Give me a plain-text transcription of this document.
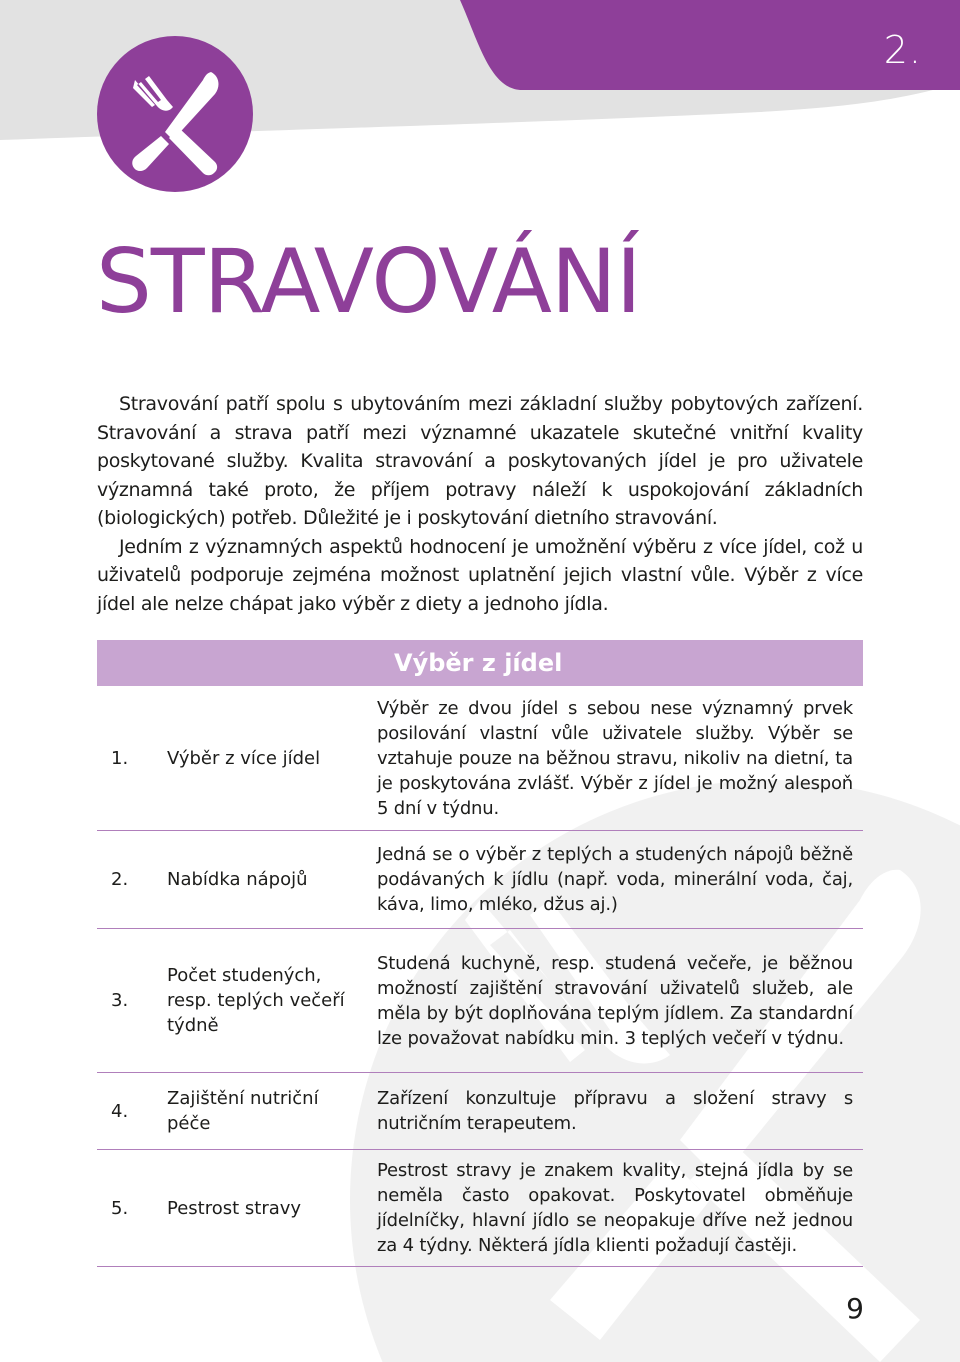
2.
STRAVOVÁNÍ

Stravování patří spolu s ubytováním mezi základní služby pobytových zařízení. Stravování a strava patří mezi významné ukazatele skutečné vnitřní kvality poskytované služby. Kvalita stravování a poskytovaných jídel je pro uživatele významná také proto, že příjem potravy náleží k uspokojování základních (biologických) potřeb. Důležité je i poskytování dietního stravování.

Jedním z významných aspektů hodnocení je umožnění výběru z více jídel, což u uživatelů podporuje zejména možnost uplatnění jejich vlastní vůle. Výběr z více jídel ale nelze chápat jako výběr z diety a jednoho jídla.

Výběr z jídel		
1.	Výběr z více jídel	Výběr ze dvou jídel s sebou nese významný prvek posilování vlastní vůle uživatele služby. Výběr se vztahuje pouze na běžnou stravu, nikoliv na dietní, ta je poskytována zvlášť. Výběr z jídel je možný alespoň 5 dní v týdnu.
2.	Nabídka nápojů	Jedná se o výběr z teplých a studených nápojů běžně podávaných k jídlu (např. voda, minerální voda, čaj, káva, limo, mléko, džus aj.)
3.	Počet studených, resp. teplých večeří týdně	Studená kuchyně, resp. studená večeře, je běžnou možností zajištění stravování uživatelů služeb, ale měla by být doplňována teplým jídlem. Za standardní lze považovat nabídku min. 3 teplých večeří v týdnu.
4.	Zajištění nutriční péče	Zařízení konzultuje přípravu a složení stravy s nutričním terapeutem.
5.	Pestrost stravy	Pestrost stravy je znakem kvality, stejná jídla by se neměla často opakovat. Poskytovatel obměňuje jídelníčky, hlavní jídlo se neopakuje dříve než jednou za 4 týdny. Některá jídla klienti požadují častěji.
9
